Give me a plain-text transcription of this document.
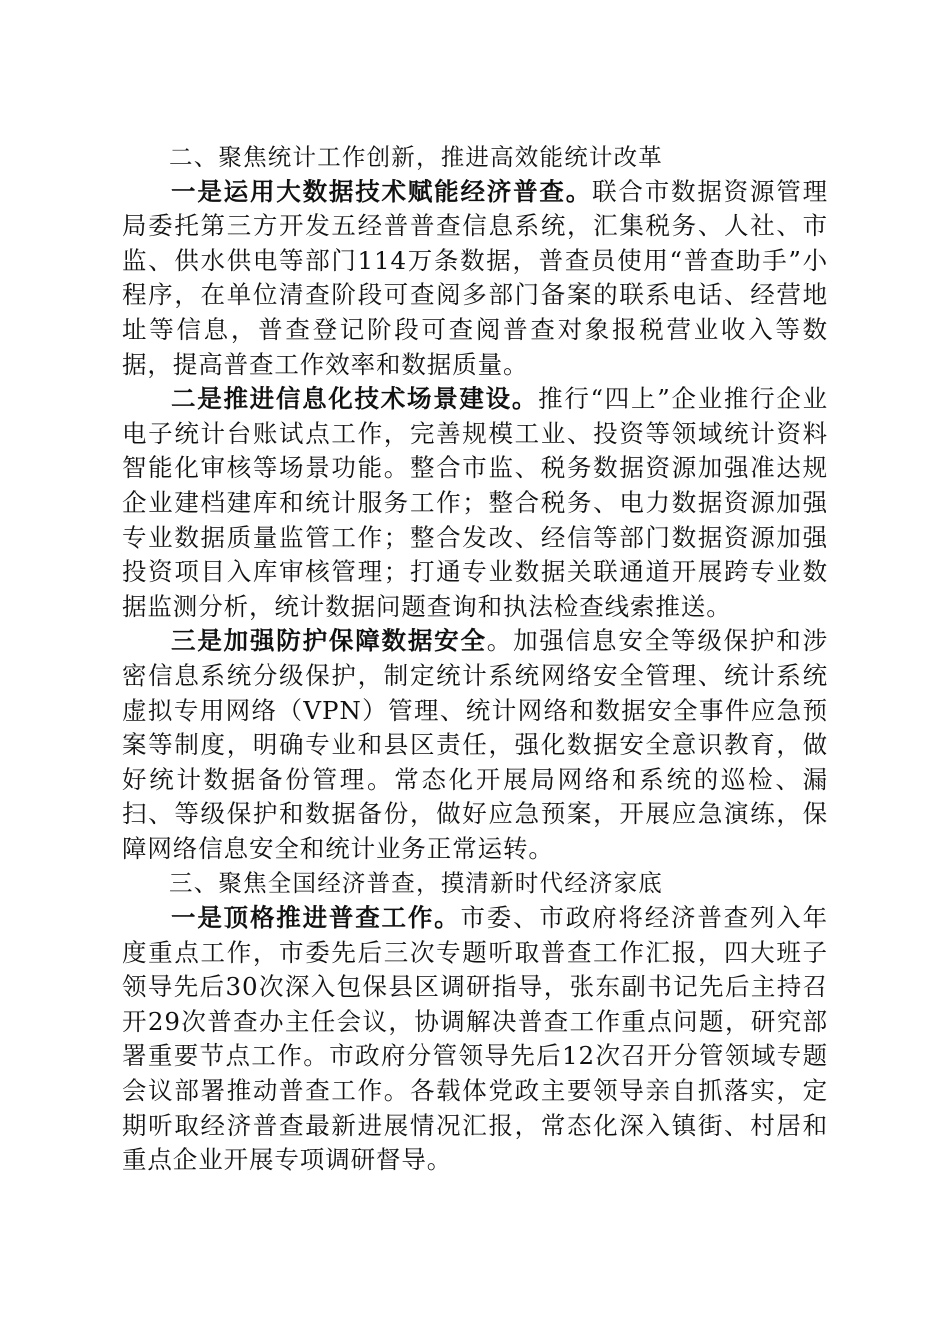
二、聚焦统计工作创新，推进高效能统计改革

一是运用大数据技术赋能经济普查。联合市数据资源管理局委托第三方开发五经普普查信息系统，汇集税务、人社、市监、供水供电等部门114万条数据，普查员使用“普查助手”小程序，在单位清查阶段可查阅多部门备案的联系电话、经营地址等信息，普查登记阶段可查阅普查对象报税营业收入等数据，提高普查工作效率和数据质量。

二是推进信息化技术场景建设。推行“四上”企业推行企业电子统计台账试点工作，完善规模工业、投资等领域统计资料智能化审核等场景功能。整合市监、税务数据资源加强准达规企业建档建库和统计服务工作；整合税务、电力数据资源加强专业数据质量监管工作；整合发改、经信等部门数据资源加强投资项目入库审核管理；打通专业数据关联通道开展跨专业数据监测分析，统计数据问题查询和执法检查线索推送。

三是加强防护保障数据安全。加强信息安全等级保护和涉密信息系统分级保护，制定统计系统网络安全管理、统计系统虚拟专用网络（VPN）管理、统计网络和数据安全事件应急预案等制度，明确专业和县区责任，强化数据安全意识教育，做好统计数据备份管理。常态化开展局网络和系统的巡检、漏扫、等级保护和数据备份，做好应急预案，开展应急演练，保障网络信息安全和统计业务正常运转。

三、聚焦全国经济普查，摸清新时代经济家底

一是顶格推进普查工作。市委、市政府将经济普查列入年度重点工作，市委先后三次专题听取普查工作汇报，四大班子领导先后30次深入包保县区调研指导，张东副书记先后主持召开29次普查办主任会议，协调解决普查工作重点问题，研究部署重要节点工作。市政府分管领导先后12次召开分管领域专题会议部署推动普查工作。各载体党政主要领导亲自抓落实，定期听取经济普查最新进展情况汇报，常态化深入镇街、村居和重点企业开展专项调研督导。
